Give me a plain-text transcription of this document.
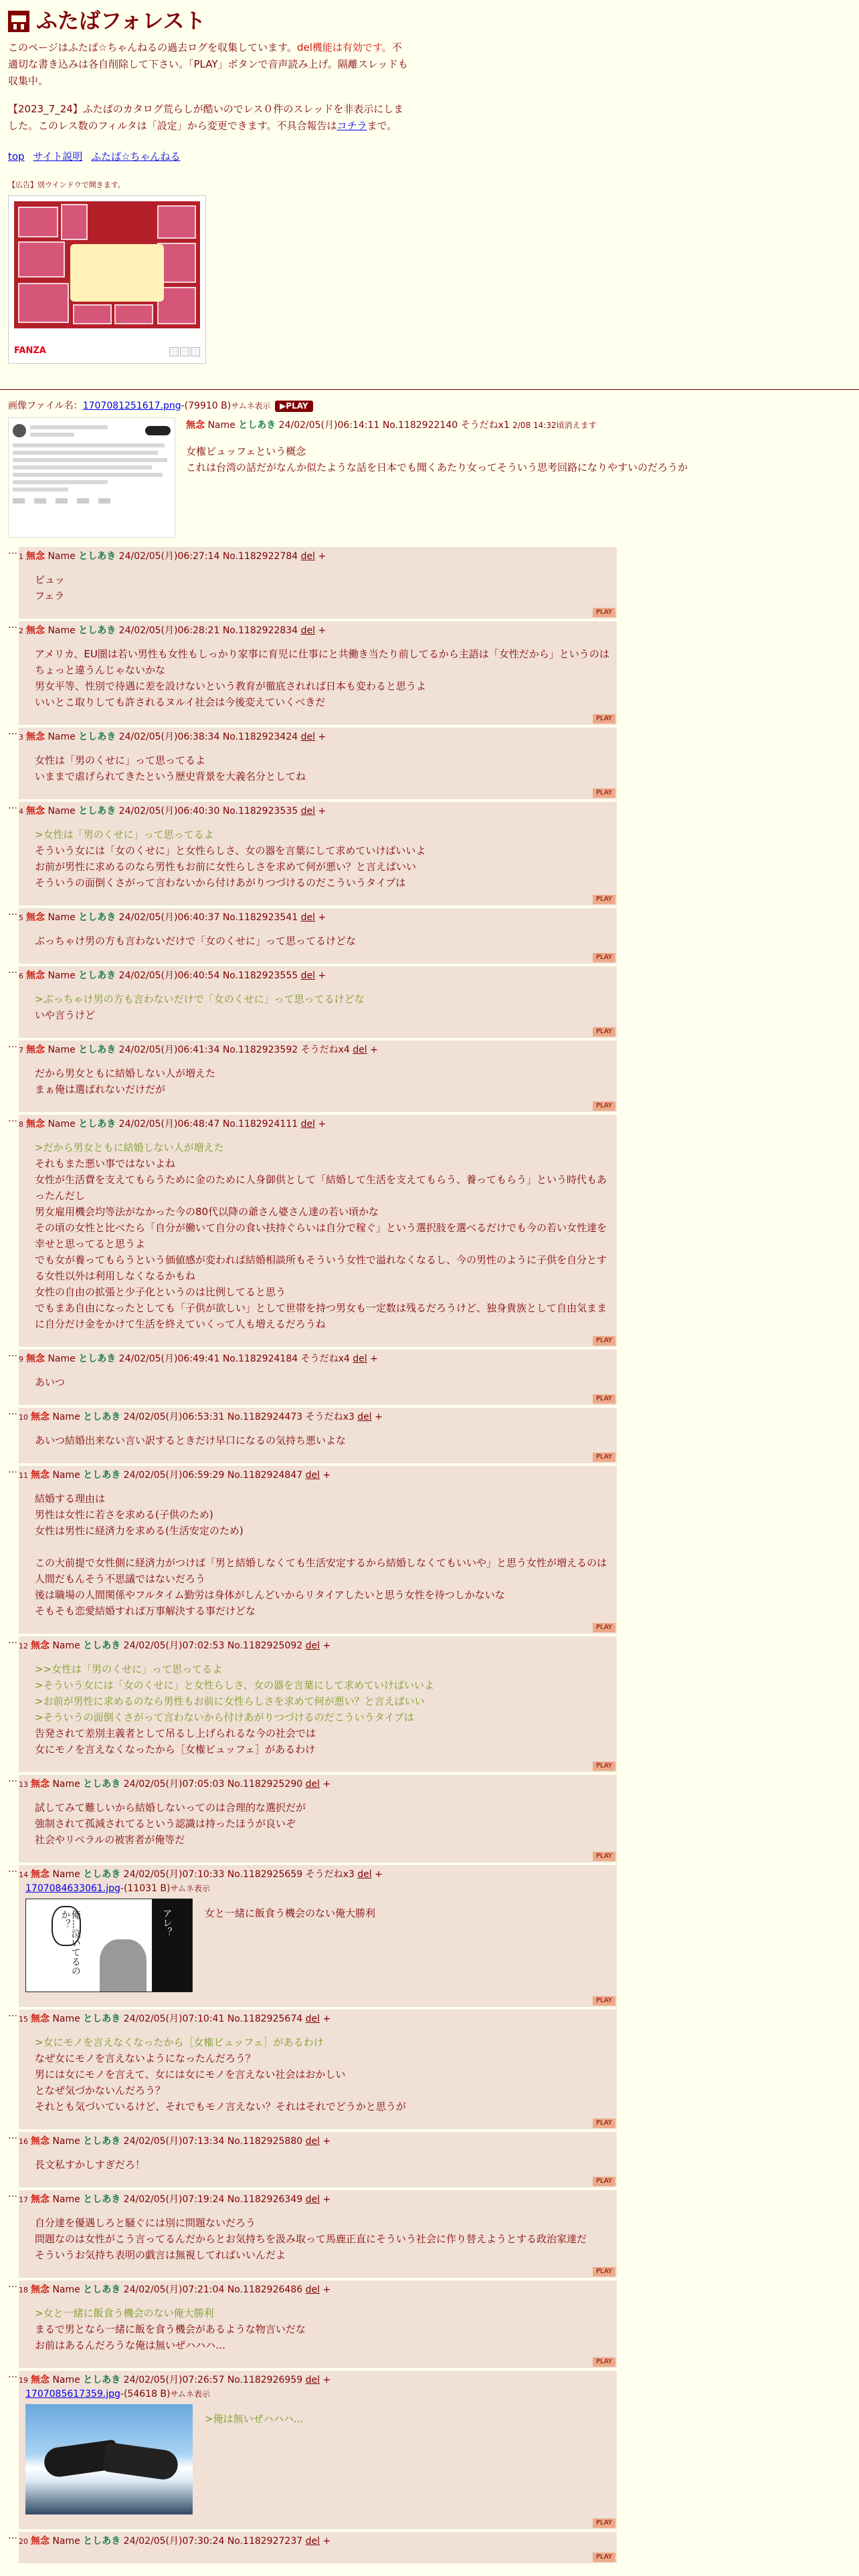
ふたばフォレスト

このページはふたば☆ちゃんねるの過去ログを収集しています。del機能は有効です。不適切な書き込みは各自削除して下さい。「PLAY」ボタンで音声読み上げ。隔離スレッドも収集中。

【2023_7_24】ふたばのカタログ荒らしが酷いのでレス０件のスレッドを非表示にしました。このレス数のフィルタは「設定」から変更できます。不具合報告はコチラまで。

top サイト説明 ふたば☆ちゃんねる
【広告】別ウインドウで開きます。
FANZA
画像ファイル名：1707081251617.png-(79910 B)サムネ表示 ▶PLAY
無念 Name としあき 24/02/05(月)06:14:11 No.1182922140 そうだねx1 2/08 14:32頃消えます
女権ビュッフェという概念
これは台湾の話だがなんか似たような話を日本でも聞くあたり女ってそういう思考回路になりやすいのだろうか
…
1 無念 Name としあき 24/02/05(月)06:27:14 No.1182922784 del +
ビュッ
フェラ
PLAY
…
2 無念 Name としあき 24/02/05(月)06:28:21 No.1182922834 del +
アメリカ、EU圏は若い男性も女性もしっかり家事に育児に仕事にと共働き当たり前してるから主語は「女性だから」というのはちょっと違うんじゃないかな
男女平等、性別で待遇に差を設けないという教育が徹底されれば日本も変わると思うよ
いいとこ取りしても許されるヌルイ社会は今後変えていくべきだ
PLAY
…
3 無念 Name としあき 24/02/05(月)06:38:34 No.1182923424 del +
女性は「男のくせに」って思ってるよ
いままで虐げられてきたという歴史背景を大義名分としてね
PLAY
…
4 無念 Name としあき 24/02/05(月)06:40:30 No.1182923535 del +
>女性は「男のくせに」って思ってるよ
そういう女には「女のくせに」と女性らしさ、女の器を言葉にして求めていけばいいよ
お前が男性に求めるのなら男性もお前に女性らしさを求めて何が悪い？と言えばいい
そういうの面倒くさがって言わないから付けあがりつづけるのだこういうタイプは
PLAY
…
5 無念 Name としあき 24/02/05(月)06:40:37 No.1182923541 del +
ぶっちゃけ男の方も言わないだけで「女のくせに」って思ってるけどな
PLAY
…
6 無念 Name としあき 24/02/05(月)06:40:54 No.1182923555 del +
>ぶっちゃけ男の方も言わないだけで「女のくせに」って思ってるけどな
いや言うけど
PLAY
…
7 無念 Name としあき 24/02/05(月)06:41:34 No.1182923592 そうだねx4 del +
だから男女ともに結婚しない人が増えた
まぁ俺は選ばれないだけだが
PLAY
…
8 無念 Name としあき 24/02/05(月)06:48:47 No.1182924111 del +
>だから男女ともに結婚しない人が増えた
それもまた悪い事ではないよね
女性が生活費を支えてもらうために金のために人身御供として「結婚して生活を支えてもらう、養ってもらう」という時代もあったんだし
男女雇用機会均等法がなかった今の80代以降の爺さん婆さん達の若い頃かな
その頃の女性と比べたら「自分が働いて自分の食い扶持ぐらいは自分で稼ぐ」という選択肢を選べるだけでも今の若い女性達を幸せと思ってると思うよ
でも女が養ってもらうという価値感が変われば結婚相談所もそういう女性で溢れなくなるし、今の男性のように子供を自分とする女性以外は利用しなくなるかもね
女性の自由の拡張と少子化というのは比例してると思う
でもまあ自由になったとしても「子供が欲しい」として世帯を持つ男女も一定数は残るだろうけど、独身貴族として自由気ままに自分だけ金をかけて生活を終えていくって人も増えるだろうね
PLAY
…
9 無念 Name としあき 24/02/05(月)06:49:41 No.1182924184 そうだねx4 del +
あいつ
PLAY
…
10 無念 Name としあき 24/02/05(月)06:53:31 No.1182924473 そうだねx3 del +
あいつ結婚出来ない言い訳するときだけ早口になるの気持ち悪いよな
PLAY
…
11 無念 Name としあき 24/02/05(月)06:59:29 No.1182924847 del +
結婚する理由は
男性は女性に若さを求める(子供のため)
女性は男性に経済力を求める(生活安定のため)
この大前提で女性側に経済力がつけば「男と結婚しなくても生活安定するから結婚しなくてもいいや」と思う女性が増えるのは人間だもんそう不思議ではないだろう
後は職場の人間関係やフルタイム勤労は身体がしんどいからリタイアしたいと思う女性を待つしかないな
そもそも恋愛結婚すれば万事解決する事だけどな
PLAY
…
12 無念 Name としあき 24/02/05(月)07:02:53 No.1182925092 del +
>>女性は「男のくせに」って思ってるよ
>そういう女には「女のくせに」と女性らしさ、女の器を言葉にして求めていけばいいよ
>お前が男性に求めるのなら男性もお前に女性らしさを求めて何が悪い？と言えばいい
>そういうの面倒くさがって言わないから付けあがりつづけるのだこういうタイプは
告発されて差別主義者として吊るし上げられるな今の社会では
女にモノを言えなくなったから［女権ビュッフェ］があるわけ
PLAY
…
13 無念 Name としあき 24/02/05(月)07:05:03 No.1182925290 del +
試してみて難しいから結婚しないってのは合理的な選択だが
強制されて孤減されてるという認識は持ったほうが良いぞ
社会やリベラルの被害者が俺等だ
PLAY
…
14 無念 Name としあき 24/02/05(月)07:10:33 No.1182925659 そうだねx3 del +
1707084633061.jpg-(11031 B)サムネ表示
俺…泣いてるのか？	アレ？	女と一緒に飯食う機会のない俺大勝利
PLAY
…
15 無念 Name としあき 24/02/05(月)07:10:41 No.1182925674 del +
>女にモノを言えなくなったから［女権ビュッフェ］があるわけ
なぜ女にモノを言えないようになったんだろう？
男には女にモノを言えて、女には女にモノを言えない社会はおかしい
となぜ気づかないんだろう？
それとも気づいているけど、それでもモノ言えない？それはそれでどうかと思うが
PLAY
…
16 無念 Name としあき 24/02/05(月)07:13:34 No.1182925880 del +
長文私すかしすぎだろ！
PLAY
…
17 無念 Name としあき 24/02/05(月)07:19:24 No.1182926349 del +
自分達を優遇しろと騒ぐには別に問題ないだろう
問題なのは女性がこう言ってるんだからとお気持ちを汲み取って馬鹿正直にそういう社会に作り替えようとする政治家達だ
そういうお気持ち表明の戯言は無視してればいいんだよ
PLAY
…
18 無念 Name としあき 24/02/05(月)07:21:04 No.1182926486 del +
>女と一緒に飯食う機会のない俺大勝利
まるで男となら一緒に飯を食う機会があるような物言いだな
お前はあるんだろうな俺は無いぜハハハ…
PLAY
…
19 無念 Name としあき 24/02/05(月)07:26:57 No.1182926959 del +
1707085617359.jpg-(54618 B)サムネ表示
>俺は無いぜハハハ…
PLAY
…
20 無念 Name としあき 24/02/05(月)07:30:24 No.1182927237 del +
PLAY
